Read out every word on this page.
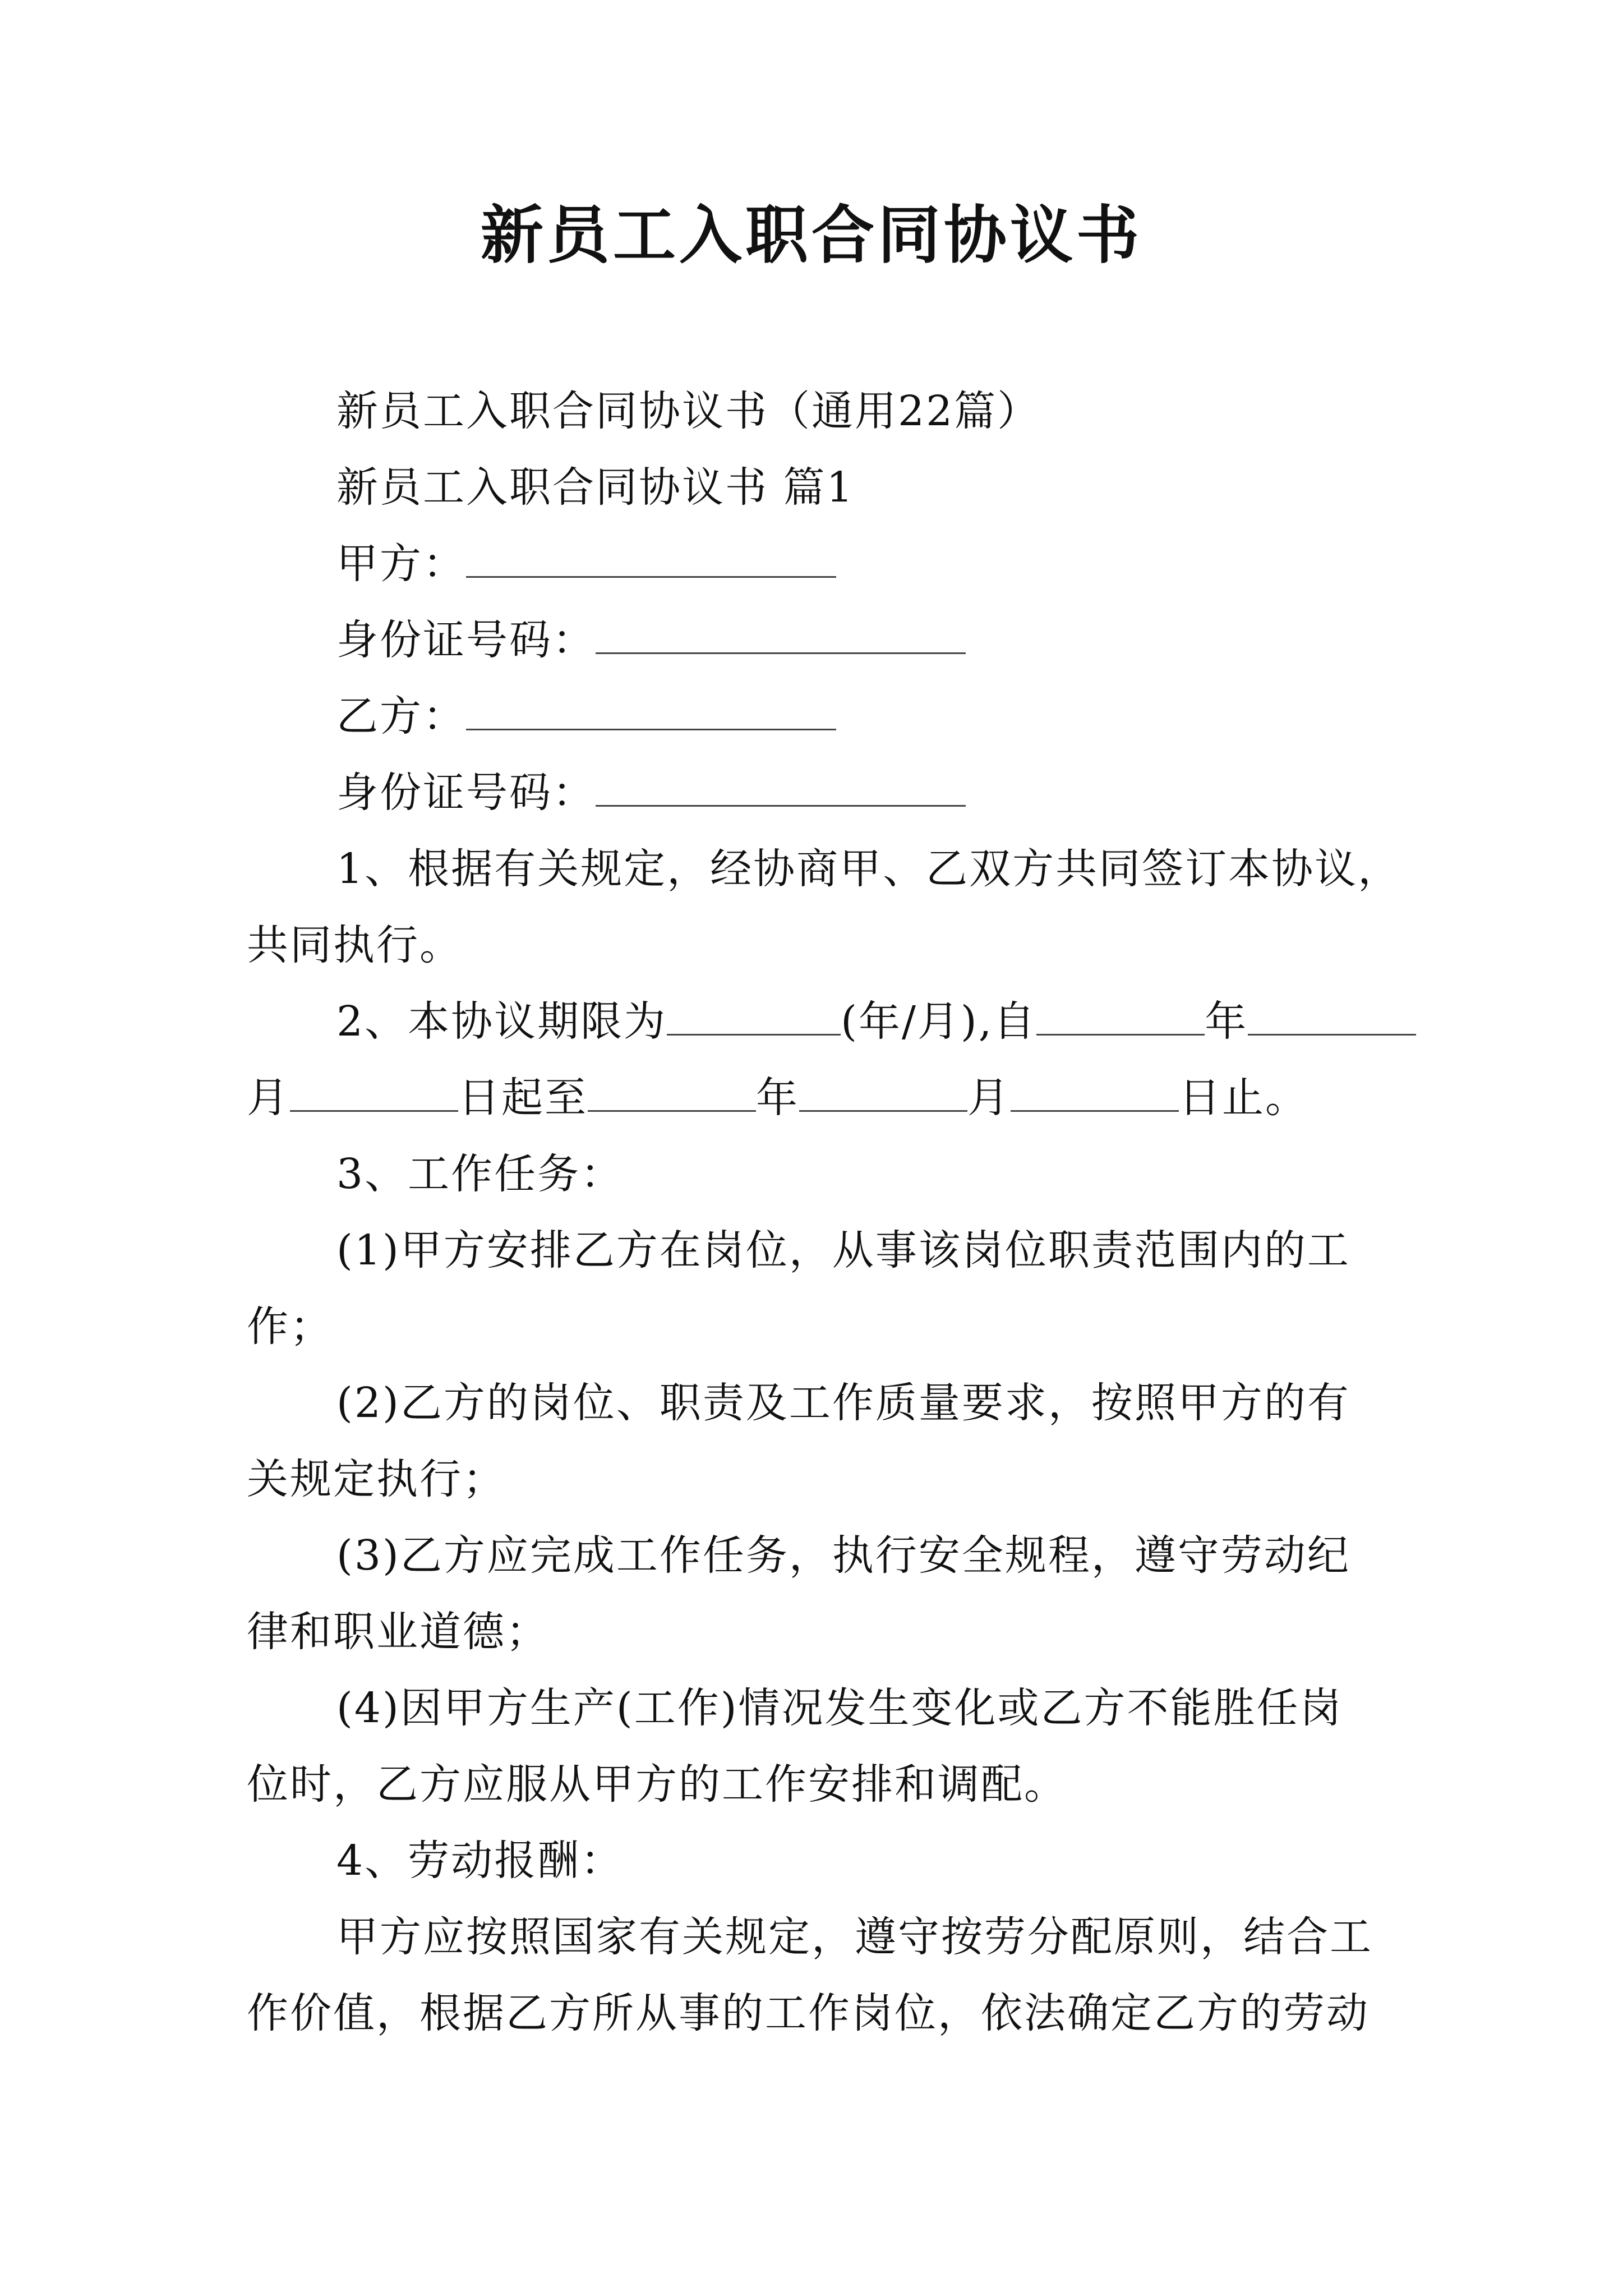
新员工入职合同协议书
新员工入职合同协议书（通用22篇）
新员工入职合同协议书 篇1
甲方：
身份证号码：
乙方：
身份证号码：
1、根据有关规定，经协商甲、乙双方共同签订本协议，
共同执行。
2、本协议期限为	(年/月),自	年
月	日起至	年	月	日止。
3、工作任务：
(1)甲方安排乙方在岗位，从事该岗位职责范围内的工
作；
(2)乙方的岗位、职责及工作质量要求，按照甲方的有
关规定执行；
(3)乙方应完成工作任务，执行安全规程，遵守劳动纪
律和职业道德；
(4)因甲方生产(工作)情况发生变化或乙方不能胜任岗
位时，乙方应服从甲方的工作安排和调配。
4、劳动报酬：
甲方应按照国家有关规定，遵守按劳分配原则，结合工
作价值，根据乙方所从事的工作岗位，依法确定乙方的劳动
